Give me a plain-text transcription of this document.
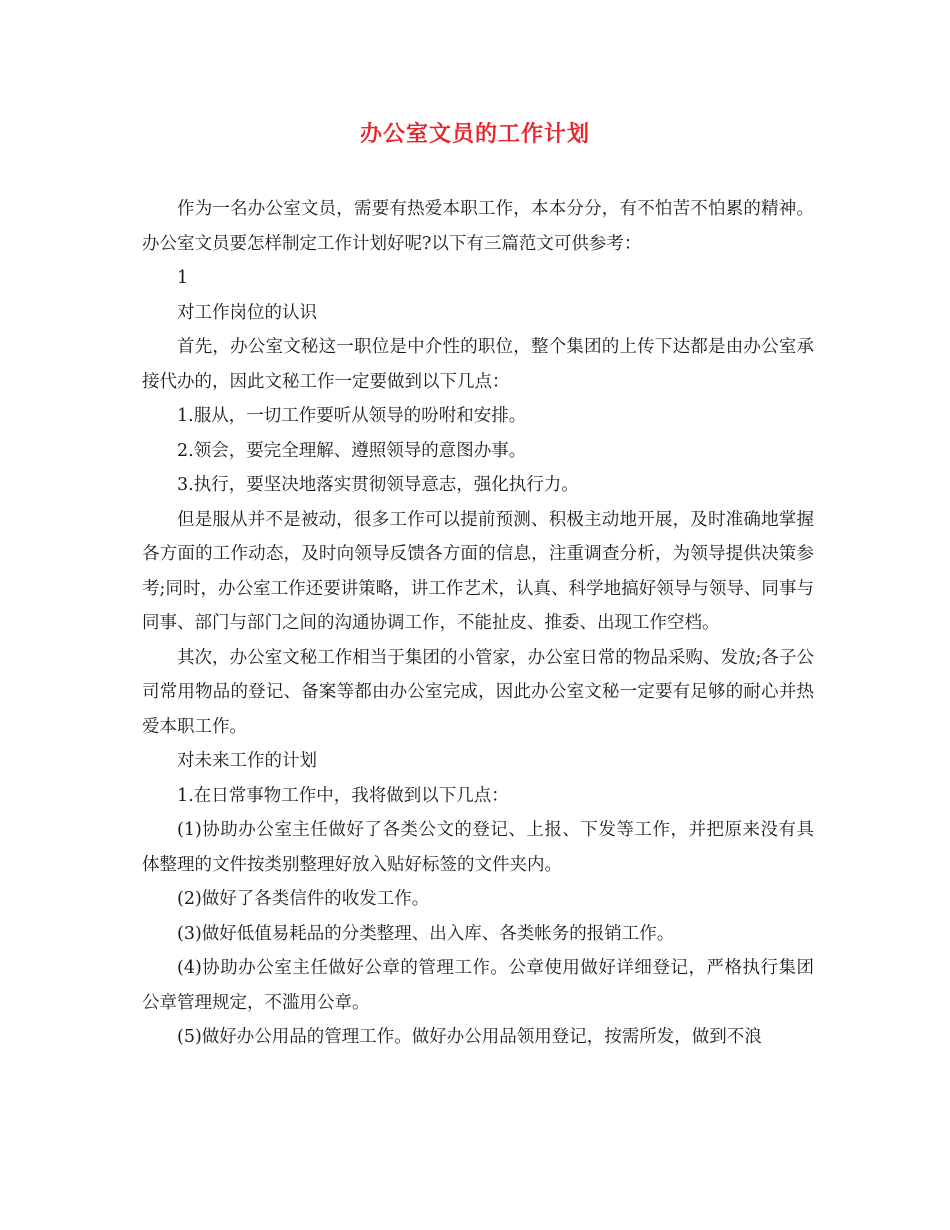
办公室文员的工作计划

作为一名办公室文员，需要有热爱本职工作，本本分分，有不怕苦不怕累的精神。办公室文员要怎样制定工作计划好呢?以下有三篇范文可供参考：

1

对工作岗位的认识

首先，办公室文秘这一职位是中介性的职位，整个集团的上传下达都是由办公室承接代办的，因此文秘工作一定要做到以下几点：

1.服从，一切工作要听从领导的吩咐和安排。

2.领会，要完全理解、遵照领导的意图办事。

3.执行，要坚决地落实贯彻领导意志，强化执行力。

但是服从并不是被动，很多工作可以提前预测、积极主动地开展，及时准确地掌握各方面的工作动态，及时向领导反馈各方面的信息，注重调查分析，为领导提供决策参考;同时，办公室工作还要讲策略，讲工作艺术，认真、科学地搞好领导与领导、同事与同事、部门与部门之间的沟通协调工作，不能扯皮、推委、出现工作空档。

其次，办公室文秘工作相当于集团的小管家，办公室日常的物品采购、发放;各子公司常用物品的登记、备案等都由办公室完成，因此办公室文秘一定要有足够的耐心并热爱本职工作。

对未来工作的计划

1.在日常事物工作中，我将做到以下几点：

(1)协助办公室主任做好了各类公文的登记、上报、下发等工作，并把原来没有具体整理的文件按类别整理好放入贴好标签的文件夹内。

(2)做好了各类信件的收发工作。

(3)做好低值易耗品的分类整理、出入库、各类帐务的报销工作。

(4)协助办公室主任做好公章的管理工作。公章使用做好详细登记，严格执行集团公章管理规定，不滥用公章。

(5)做好办公用品的管理工作。做好办公用品领用登记，按需所发，做到不浪
